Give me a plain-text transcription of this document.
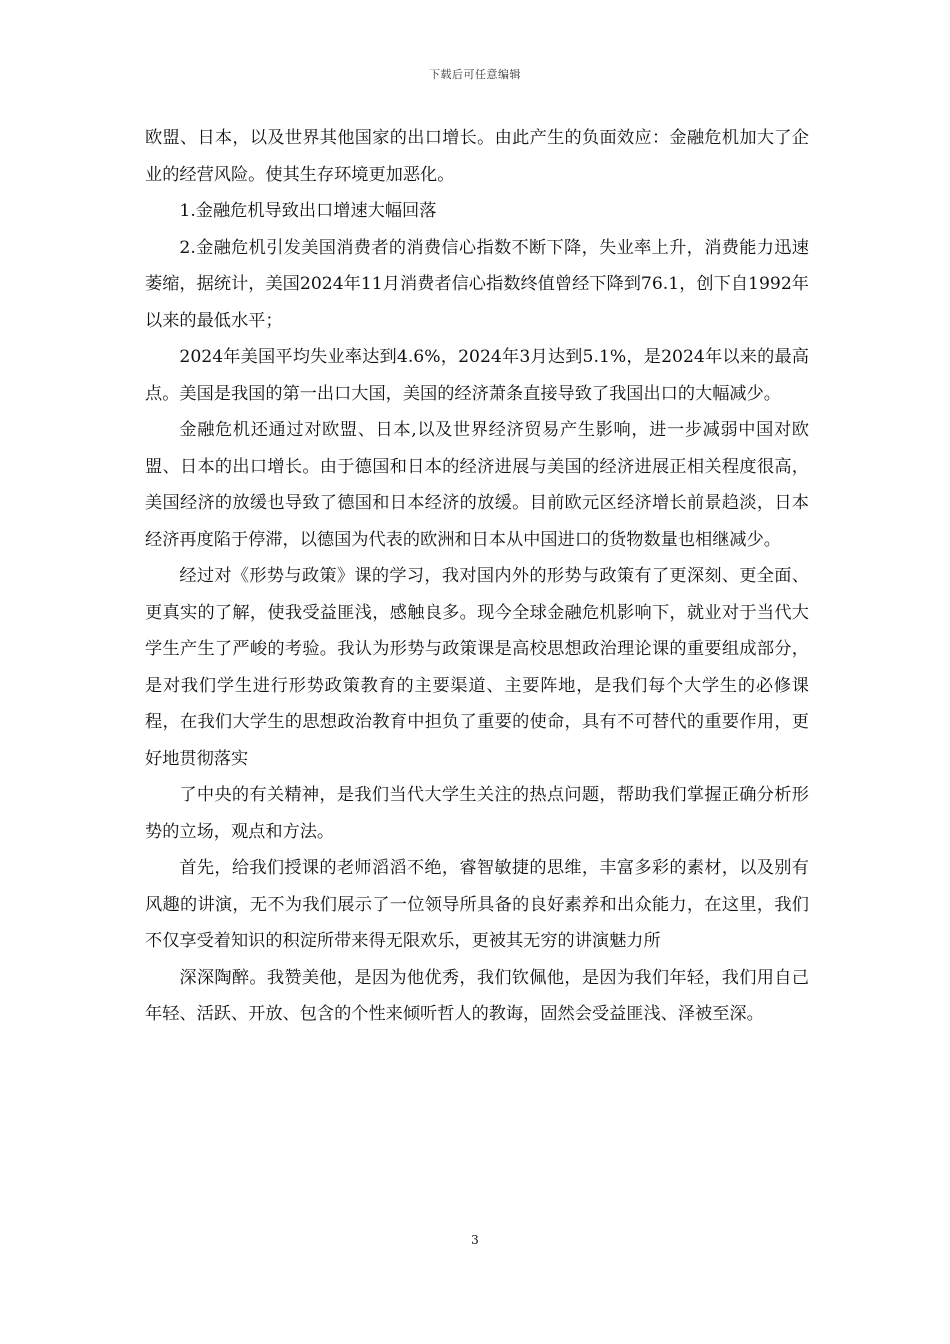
下载后可任意编辑

欧盟、日本，以及世界其他国家的出口增长。由此产生的负面效应：金融危机加大了企业的经营风险。使其生存环境更加恶化。

1.金融危机导致出口增速大幅回落

2.金融危机引发美国消费者的消费信心指数不断下降，失业率上升，消费能力迅速萎缩，据统计，美国2024年11月消费者信心指数终值曾经下降到76.1，创下自1992年以来的最低水平；

2024年美国平均失业率达到4.6%，2024年3月达到5.1%，是2024年以来的最高点。美国是我国的第一出口大国，美国的经济萧条直接导致了我国出口的大幅减少。

金融危机还通过对欧盟、日本,以及世界经济贸易产生影响，进一步减弱中国对欧盟、日本的出口增长。由于德国和日本的经济进展与美国的经济进展正相关程度很高，美国经济的放缓也导致了德国和日本经济的放缓。目前欧元区经济增长前景趋淡，日本经济再度陷于停滞，以德国为代表的欧洲和日本从中国进口的货物数量也相继减少。

经过对《形势与政策》课的学习，我对国内外的形势与政策有了更深刻、更全面、更真实的了解，使我受益匪浅，感触良多。现今全球金融危机影响下，就业对于当代大学生产生了严峻的考验。我认为形势与政策课是高校思想政治理论课的重要组成部分，是对我们学生进行形势政策教育的主要渠道、主要阵地，是我们每个大学生的必修课程，在我们大学生的思想政治教育中担负了重要的使命，具有不可替代的重要作用，更好地贯彻落实

了中央的有关精神，是我们当代大学生关注的热点问题，帮助我们掌握正确分析形势的立场，观点和方法。

首先，给我们授课的老师滔滔不绝，睿智敏捷的思维，丰富多彩的素材，以及别有风趣的讲演，无不为我们展示了一位领导所具备的良好素养和出众能力，在这里，我们不仅享受着知识的积淀所带来得无限欢乐，更被其无穷的讲演魅力所

深深陶醉。我赞美他，是因为他优秀，我们钦佩他，是因为我们年轻，我们用自己年轻、活跃、开放、包含的个性来倾听哲人的教诲，固然会受益匪浅、泽被至深。

3
